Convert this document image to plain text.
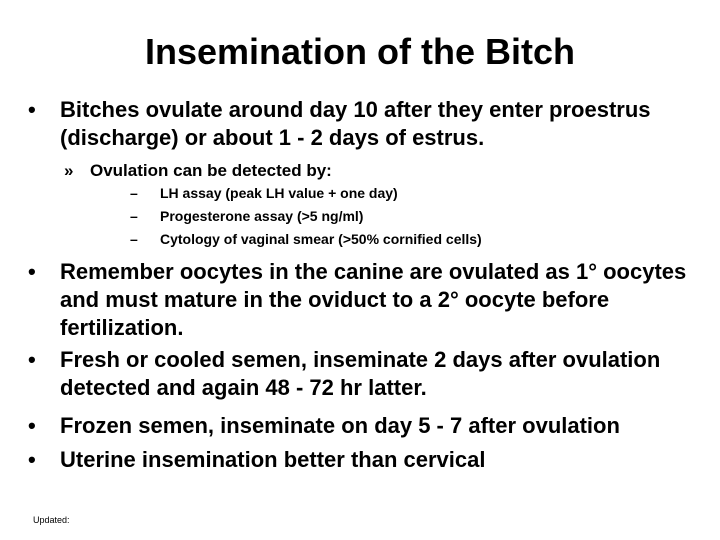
Insemination of the Bitch
• Bitches ovulate around day 10 after they enter proestrus (discharge) or about 1 - 2 days of estrus.
» Ovulation can be detected by:
– LH assay (peak LH value + one day)
– Progesterone assay (>5 ng/ml)
– Cytology of vaginal smear (>50% cornified cells)
• Remember oocytes in the canine are ovulated as 1° oocytes and must mature in the oviduct to a 2° oocyte before fertilization.
• Fresh or cooled semen, inseminate 2 days after ovulation detected and again 48 - 72 hr latter.
• Frozen semen, inseminate on day 5 - 7 after ovulation
• Uterine insemination better than cervical
Updated:
